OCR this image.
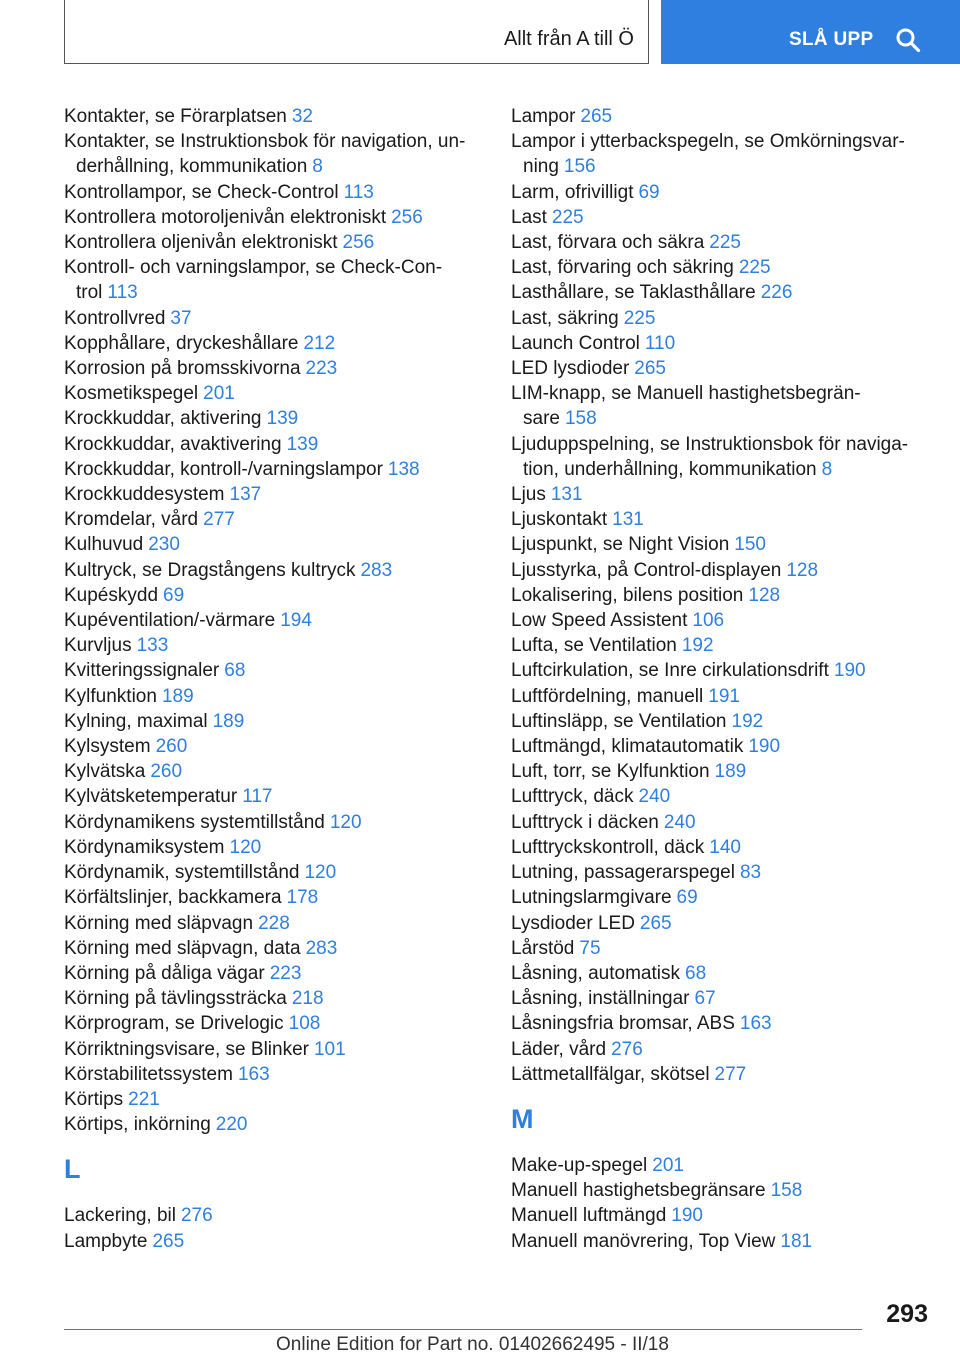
Allt från A till Ö	SLÅ UPP
Kontakter, se Förarplatsen 32
Kontakter, se Instruktionsbok för navigation, un-derhållning, kommunikation 8
Kontrollampor, se Check-Control 113
Kontrollera motoroljenivån elektroniskt 256
Kontrollera oljenivån elektroniskt 256
Kontroll- och varningslampor, se Check-Con-trol 113
Kontrollvred 37
Kopphållare, dryckeshållare 212
Korrosion på bromsskivorna 223
Kosmetikspegel 201
Krockkuddar, aktivering 139
Krockkuddar, avaktivering 139
Krockkuddar, kontroll-/varningslampor 138
Krockkuddesystem 137
Kromdelar, vård 277
Kulhuvud 230
Kultryck, se Dragstångens kultryck 283
Kupéskydd 69
Kupéventilation/-värmare 194
Kurvljus 133
Kvitteringssignaler 68
Kylfunktion 189
Kylning, maximal 189
Kylsystem 260
Kylvätska 260
Kylvätsketemperatur 117
Kördynamikens systemtillstånd 120
Kördynamiksystem 120
Kördynamik, systemtillstånd 120
Körfältslinjer, backkamera 178
Körning med släpvagn 228
Körning med släpvagn, data 283
Körning på dåliga vägar 223
Körning på tävlingssträcka 218
Körprogram, se Drivelogic 108
Körriktningsvisare, se Blinker 101
Körstabilitetssystem 163
Körtips 221
Körtips, inkörning 220
L
Lackering, bil 276
Lampbyte 265
Lampor 265
Lampor i ytterbackspegeln, se Omkörningsvar-ning 156
Larm, ofrivilligt 69
Last 225
Last, förvara och säkra 225
Last, förvaring och säkring 225
Lasthållare, se Taklasthållare 226
Last, säkring 225
Launch Control 110
LED lysdioder 265
LIM-knapp, se Manuell hastighetsbegrän-sare 158
Ljuduppspelning, se Instruktionsbok för naviga-tion, underhållning, kommunikation 8
Ljus 131
Ljuskontakt 131
Ljuspunkt, se Night Vision 150
Ljusstyrka, på Control-displayen 128
Lokalisering, bilens position 128
Low Speed Assistent 106
Lufta, se Ventilation 192
Luftcirkulation, se Inre cirkulationsdrift 190
Luftfördelning, manuell 191
Luftinsläpp, se Ventilation 192
Luftmängd, klimatautomatik 190
Luft, torr, se Kylfunktion 189
Lufttryck, däck 240
Lufttryck i däcken 240
Lufttryckskontroll, däck 140
Lutning, passagerarspegel 83
Lutningslarmgivare 69
Lysdioder LED 265
Lårstöd 75
Låsning, automatisk 68
Låsning, inställningar 67
Låsningsfria bromsar, ABS 163
Läder, vård 276
Lättmetallfälgar, skötsel 277
M
Make-up-spegel 201
Manuell hastighetsbegränsare 158
Manuell luftmängd 190
Manuell manövrering, Top View 181
293
Online Edition for Part no. 01402662495 - II/18
